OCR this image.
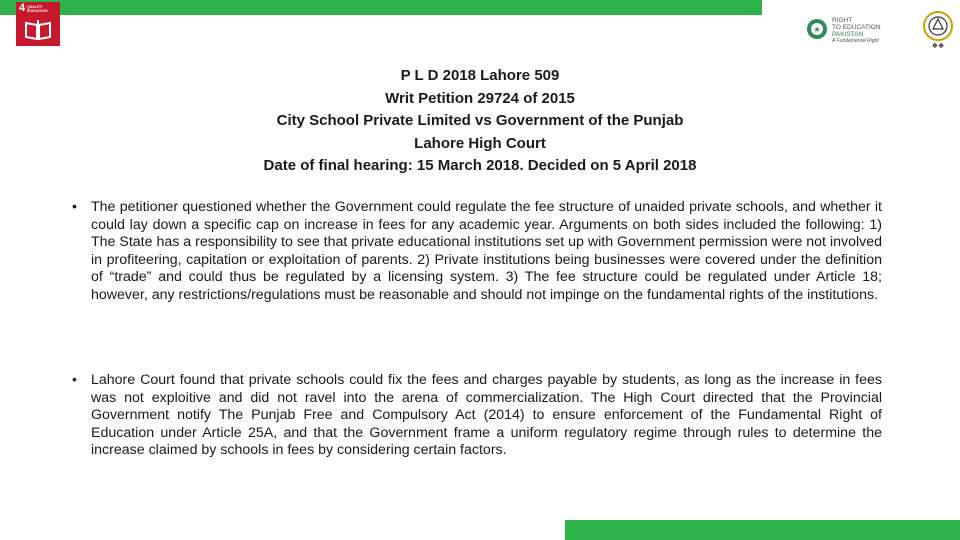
4 QUALITY EDUCATION
★
RIGHT
TO EDUCATION
PAKISTAN
A Fundamental Right
❖❖
P L D 2018 Lahore 509
Writ Petition 29724 of 2015
City School Private Limited vs Government of the Punjab
Lahore High Court
Date of final hearing: 15 March 2018. Decided on 5 April 2018
• The petitioner questioned whether the Government could regulate the fee structure of unaided private schools, and whether it could lay down a specific cap on increase in fees for any academic year. Arguments on both sides included the following: 1) The State has a responsibility to see that private educational institutions set up with Government permission were not involved in profiteering, capitation or exploitation of parents. 2) Private institutions being businesses were covered under the definition of “trade” and could thus be regulated by a licensing system. 3) The fee structure could be regulated under Article 18; however, any restrictions/regulations must be reasonable and should not impinge on the fundamental rights of the institutions.
• Lahore Court found that private schools could fix the fees and charges payable by students, as long as the increase in fees was not exploitive and did not ravel into the arena of commercialization. The High Court directed that the Provincial Government notify The Punjab Free and Compulsory Act (2014) to ensure enforcement of the Fundamental Right of Education under Article 25A, and that the Government frame a uniform regulatory regime through rules to determine the increase claimed by schools in fees by considering certain factors.
